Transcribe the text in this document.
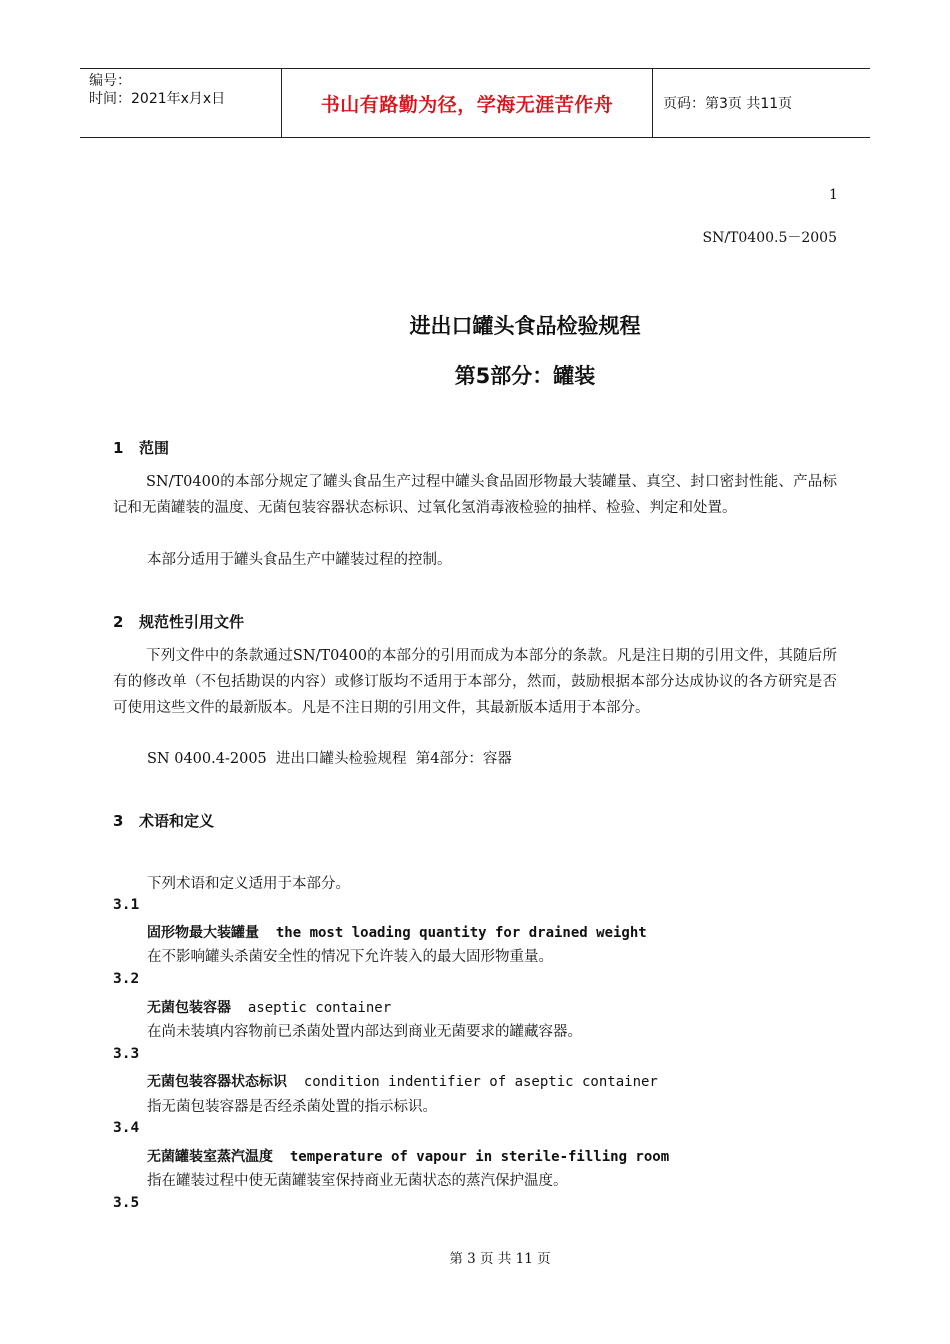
编号：
时间：2021年x月x日	书山有路勤为径，学海无涯苦作舟	页码：第3页 共11页
1
SN/T0400.5－2005
进出口罐头食品检验规程
第5部分：罐装
1 范围
SN/T0400的本部分规定了罐头食品生产过程中罐头食品固形物最大装罐量、真空、封口密封性能、产品标记和无菌罐装的温度、无菌包装容器状态标识、过氧化氢消毒液检验的抽样、检验、判定和处置。
本部分适用于罐头食品生产中罐装过程的控制。
2 规范性引用文件
下列文件中的条款通过SN/T0400的本部分的引用而成为本部分的条款。凡是注日期的引用文件，其随后所有的修改单（不包括勘误的内容）或修订版均不适用于本部分，然而，鼓励根据本部分达成协议的各方研究是否可使用这些文件的最新版本。凡是不注日期的引用文件，其最新版本适用于本部分。
SN 0400.4-2005  进出口罐头检验规程  第4部分：容器
3 术语和定义
下列术语和定义适用于本部分。
3.1
固形物最大装罐量 the most loading quantity for drained weight
在不影响罐头杀菌安全性的情况下允许装入的最大固形物重量。
3.2
无菌包装容器 aseptic container
在尚未装填内容物前已杀菌处置内部达到商业无菌要求的罐藏容器。
3.3
无菌包装容器状态标识 condition indentifier of aseptic container
指无菌包装容器是否经杀菌处置的指示标识。
3.4
无菌罐装室蒸汽温度 temperature of vapour in sterile-filling room
指在罐装过程中使无菌罐装室保持商业无菌状态的蒸汽保护温度。
3.5
第 3 页 共 11 页
